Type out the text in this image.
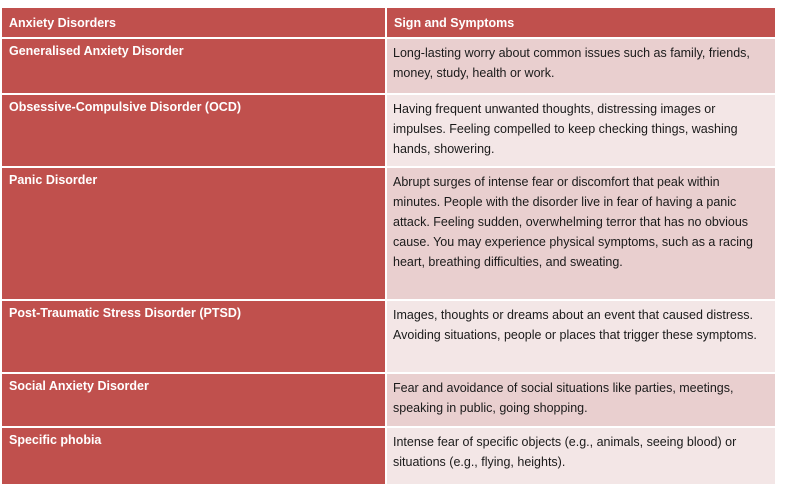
Anxiety Disorders	Sign and Symptoms
Generalised Anxiety Disorder	Long-lasting worry about common issues such as family, friends, money, study, health or work.
Obsessive-Compulsive Disorder (OCD)	Having frequent unwanted thoughts, distressing images or impulses. Feeling compelled to keep checking things, washing hands, showering.
Panic Disorder	Abrupt surges of intense fear or discomfort that peak within minutes. People with the disorder live in fear of having a panic attack. Feeling sudden, overwhelming terror that has no obvious cause. You may experience physical symptoms, such as a racing heart, breathing difficulties, and sweating.
Post-Traumatic Stress Disorder (PTSD)	Images, thoughts or dreams about an event that caused distress. Avoiding situations, people or places that trigger these symptoms.
Social Anxiety Disorder	Fear and avoidance of social situations like parties, meetings, speaking in public, going shopping.
Specific phobia	Intense fear of specific objects (e.g., animals, seeing blood) or situations (e.g., flying, heights).
